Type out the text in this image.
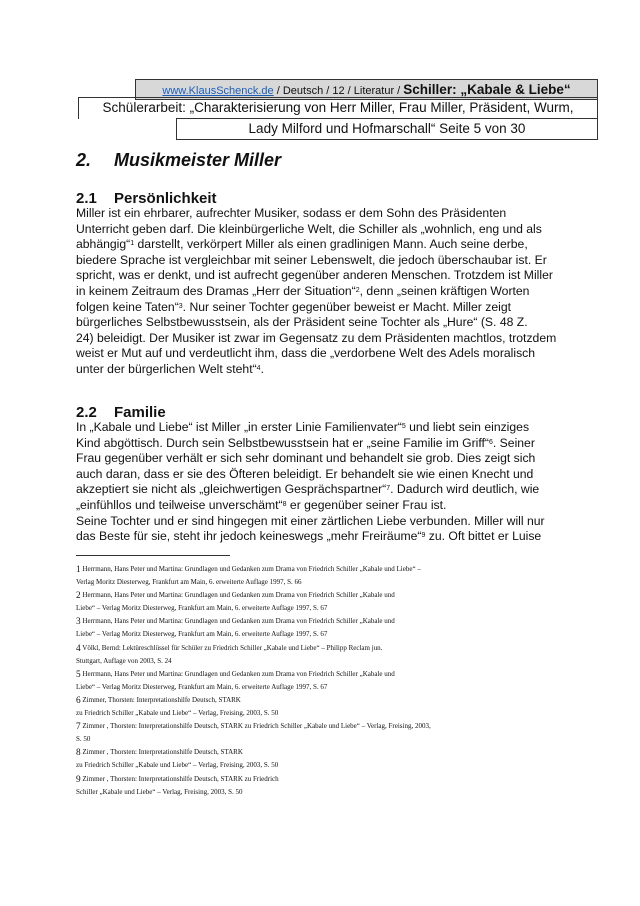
www.KlausSchenck.de / Deutsch / 12 / Literatur / Schiller: „Kabale & Liebe“
Schülerarbeit: „Charakterisierung von Herr Miller, Frau Miller, Präsident, Wurm,
Lady Milford und Hofmarschall“ Seite 5 von 30
2. Musikmeister Miller
2.1 Persönlichkeit
Miller ist ein ehrbarer, aufrechter Musiker, sodass er dem Sohn des Präsidenten
Unterricht geben darf. Die kleinbürgerliche Welt, die Schiller als „wohnlich, eng und als
abhängig“$^1$ darstellt, verkörpert Miller als einen gradlinigen Mann. Auch seine derbe,
biedere Sprache ist vergleichbar mit seiner Lebenswelt, die jedoch überschaubar ist. Er
spricht, was er denkt, und ist aufrecht gegenüber anderen Menschen. Trotzdem ist Miller
in keinem Zeitraum des Dramas „Herr der Situation“$^2$, denn „seinen kräftigen Worten
folgen keine Taten“$^3$. Nur seiner Tochter gegenüber beweist er Macht. Miller zeigt
bürgerliches Selbstbewusstsein, als der Präsident seine Tochter als „Hure“ (S. 48 Z.
24) beleidigt. Der Musiker ist zwar im Gegensatz zu dem Präsidenten machtlos, trotzdem
weist er Mut auf und verdeutlicht ihm, dass die „verdorbene Welt des Adels moralisch
unter der bürgerlichen Welt steht“$^4$.
2.2 Familie
In „Kabale und Liebe“ ist Miller „in erster Linie Familienvater“$^5$ und liebt sein einziges
Kind abgöttisch. Durch sein Selbstbewusstsein hat er „seine Familie im Griff“$^6$. Seiner
Frau gegenüber verhält er sich sehr dominant und behandelt sie grob. Dies zeigt sich
auch daran, dass er sie des Öfteren beleidigt. Er behandelt sie wie einen Knecht und
akzeptiert sie nicht als „gleichwertigen Gesprächspartner“$^7$. Dadurch wird deutlich, wie
„einfühllos und teilweise unverschämt“$^8$ er gegenüber seiner Frau ist.
Seine Tochter und er sind hingegen mit einer zärtlichen Liebe verbunden. Miller will nur
das Beste für sie, steht ihr jedoch keineswegs „mehr Freiräume“$^9$ zu. Oft bittet er Luise
1 $^{Herrmann, Hans Peter und Martina: Grundlagen und Gedanken zum Drama von Friedrich Schiller „Kabale und Liebe“ -}$
$^{Verlag Moritz Diesterweg, Frankfurt am Main, 6. erweiterte Auflage 1997, S. 66}$
2 $^{Herrmann, Hans Peter und Martina: Grundlagen und Gedanken zum Drama von Friedrich Schiller „Kabale und}$
$^{Liebe“ - Verlag Moritz Diesterweg, Frankfurt am Main, 6. erweiterte Auflage 1997, S. 67}$
3 $^{Herrmann, Hans Peter und Martina: Grundlagen und Gedanken zum Drama von Friedrich Schiller „Kabale und}$
$^{Liebe“ - Verlag Moritz Diesterweg, Frankfurt am Main, 6. erweiterte Auflage 1997, S. 67}$
4 $^{Völkl, Bernd: Lektüreschlüssel für Schüler zu Friedrich Schiller „Kabale und Liebe“ - Philipp Reclam jun.}$
$^{Stuttgart, Auflage von 2003, S. 24}$
5 $^{Herrmann, Hans Peter und Martina: Grundlagen und Gedanken zum Drama von Friedrich Schiller „Kabale und}$
$^{Liebe“ - Verlag Moritz Diesterweg, Frankfurt am Main, 6. erweiterte Auflage 1997, S. 67}$
6 $^{Zimmer, Thorsten: Interpretationshilfe Deutsch, STARK}$
$^{zu Friedrich Schiller „Kabale und Liebe“ - Verlag, Freising, 2003, S. 50}$
7 $^{Zimmer , Thorsten: Interpretationshilfe Deutsch, STARK zu Friedrich Schiller „Kabale und Liebe“ - Verlag, Freising, 2003,}$
$^{S. 50}$
8 $^{Zimmer , Thorsten: Interpretationshilfe Deutsch, STARK}$
$^{zu Friedrich Schiller „Kabale und Liebe“ - Verlag, Freising, 2003, S. 50}$
9 $^{Zimmer , Thorsten: Interpretationshilfe Deutsch, STARK zu Friedrich}$
$^{Schiller „Kabale und Liebe“ - Verlag, Freising, 2003, S. 50}$
